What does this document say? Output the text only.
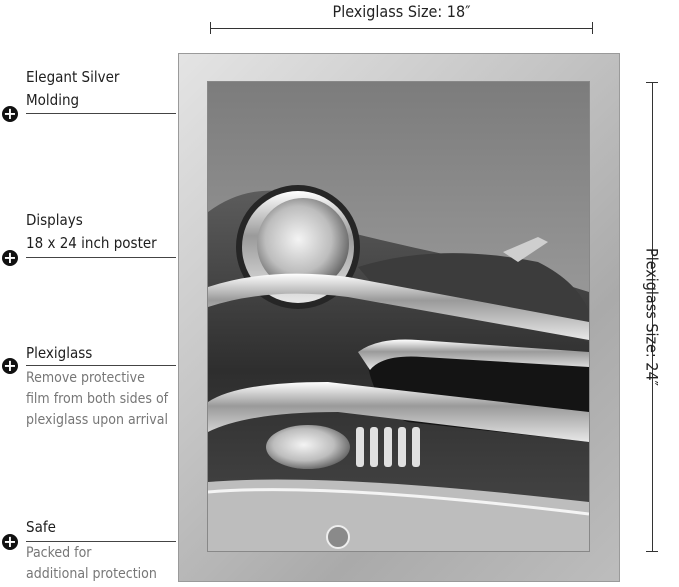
Plexiglass Size: 18″
Plexiglass Size: 24″
Elegant Silver
Molding
+
Displays
18 x 24 inch poster
+
Plexiglass
+
Remove protective
film from both sides of
plexiglass upon arrival
Safe
+
Packed for
additional protection
